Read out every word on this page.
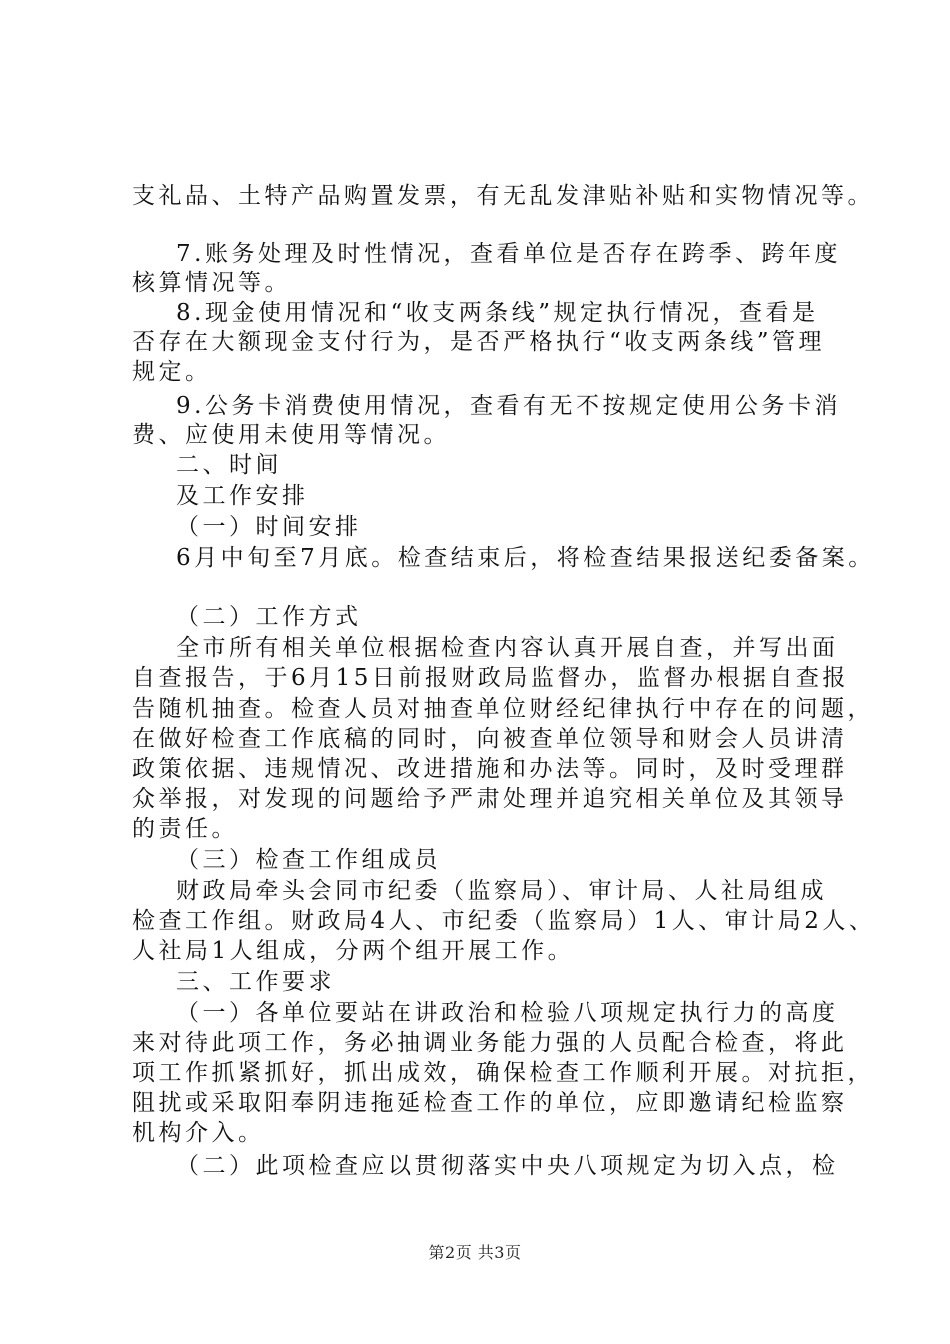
支礼品、土特产品购置发票，有无乱发津贴补贴和实物情况等。
7.账务处理及时性情况，查看单位是否存在跨季、跨年度
核算情况等。
8.现金使用情况和“收支两条线”规定执行情况，查看是
否存在大额现金支付行为，是否严格执行“收支两条线”管理
规定。
9.公务卡消费使用情况，查看有无不按规定使用公务卡消
费、应使用未使用等情况。
二、时间
及工作安排
（一）时间安排
6月中旬至7月底。检查结束后，将检查结果报送纪委备案。
（二）工作方式
全市所有相关单位根据检查内容认真开展自查，并写出面
自查报告，于6月15日前报财政局监督办，监督办根据自查报
告随机抽查。检查人员对抽查单位财经纪律执行中存在的问题，
在做好检查工作底稿的同时，向被查单位领导和财会人员讲清
政策依据、违规情况、改进措施和办法等。同时，及时受理群
众举报，对发现的问题给予严肃处理并追究相关单位及其领导
的责任。
（三）检查工作组成员
财政局牵头会同市纪委（监察局）、审计局、人社局组成
检查工作组。财政局4人、市纪委（监察局）1人、审计局2人、
人社局1人组成，分两个组开展工作。
三、工作要求
（一）各单位要站在讲政治和检验八项规定执行力的高度
来对待此项工作，务必抽调业务能力强的人员配合检查，将此
项工作抓紧抓好，抓出成效，确保检查工作顺利开展。对抗拒，
阻扰或采取阳奉阴违拖延检查工作的单位，应即邀请纪检监察
机构介入。
（二）此项检查应以贯彻落实中央八项规定为切入点，检
第2页 共3页
